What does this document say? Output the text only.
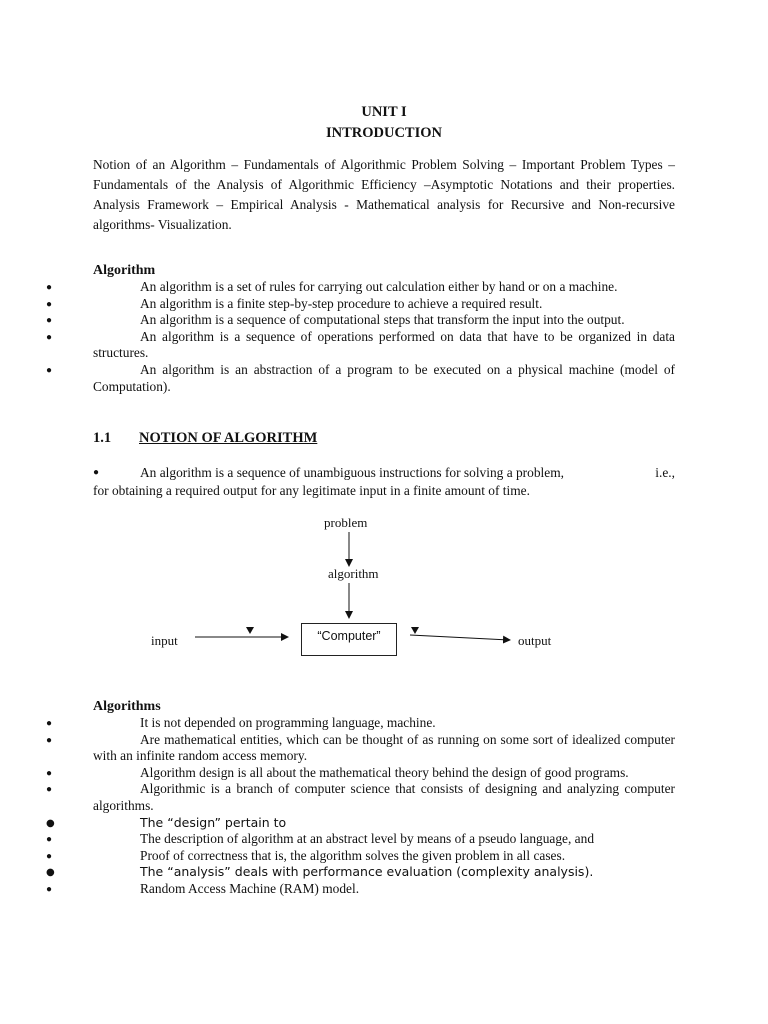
UNIT I
INTRODUCTION
Notion of an Algorithm – Fundamentals of Algorithmic Problem Solving – Important Problem Types – Fundamentals of the Analysis of Algorithmic Efficiency –Asymptotic Notations and their properties. Analysis Framework – Empirical Analysis - Mathematical analysis for Recursive and Non-recursive algorithms- Visualization.
Algorithm
●	An algorithm is a set of rules for carrying out calculation either by hand or on a machine.
●	An algorithm is a finite step-by-step procedure to achieve a required result.
●	An algorithm is a sequence of computational steps that transform the input into the output.
●	An algorithm is a sequence of operations performed on data that have to be organized in data structures.
●	An algorithm is an abstraction of a program to be executed on a physical machine (model of Computation).
1.1 NOTION OF ALGORITHM
●	An algorithm is a sequence of unambiguous instructions for solving a problem,	i.e.,
for obtaining a required output for any legitimate input in a finite amount of time.
problem
algorithm
input	“Computer”	output
Algorithms
●	It is not depended on programming language, machine.
●	Are mathematical entities, which can be thought of as running on some sort of idealized computer with an infinite random access memory.
●	Algorithm design is all about the mathematical theory behind the design of good programs.
●	Algorithmic is a branch of computer science that consists of designing and analyzing computer algorithms.
●	The “design” pertain to
●	The description of algorithm at an abstract level by means of a pseudo language, and
●	Proof of correctness that is, the algorithm solves the given problem in all cases.
●	The “analysis” deals with performance evaluation (complexity analysis).
●	Random Access Machine (RAM) model.
